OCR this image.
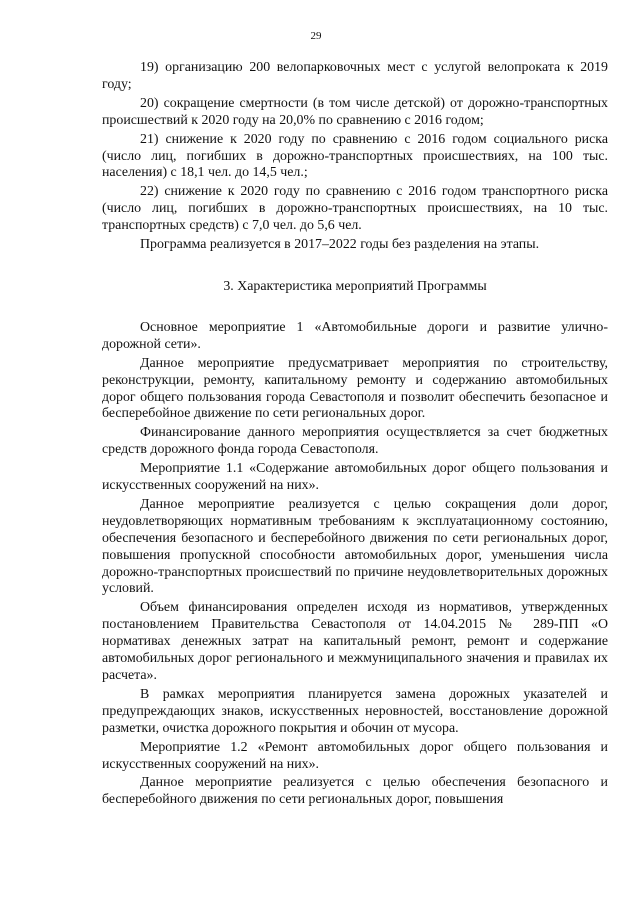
29

19) организацию 200 велопарковочных мест с услугой велопроката к 2019 году;

20) сокращение смертности (в том числе детской) от дорожно-транспортных происшествий к 2020 году на 20,0% по сравнению с 2016 годом;

21) снижение к 2020 году по сравнению с 2016 годом социального риска (число лиц, погибших в дорожно-транспортных происшествиях, на 100 тыс. населения) с 18,1 чел. до 14,5 чел.;

22) снижение к 2020 году по сравнению с 2016 годом транспортного риска (число лиц, погибших в дорожно-транспортных происшествиях, на 10 тыс. транспортных средств) с 7,0 чел. до 5,6 чел.

Программа реализуется в 2017–2022 годы без разделения на этапы.

3. Характеристика мероприятий Программы

Основное мероприятие 1 «Автомобильные дороги и развитие улично-дорожной сети».

Данное мероприятие предусматривает мероприятия по строительству, реконструкции, ремонту, капитальному ремонту и содержанию автомобильных дорог общего пользования города Севастополя и позволит обеспечить безопасное и бесперебойное движение по сети региональных дорог.

Финансирование данного мероприятия осуществляется за счет бюджетных средств дорожного фонда города Севастополя.

Мероприятие 1.1 «Содержание автомобильных дорог общего пользования и искусственных сооружений на них».

Данное мероприятие реализуется с целью сокращения доли дорог, неудовлетворяющих нормативным требованиям к эксплуатационному состоянию, обеспечения безопасного и бесперебойного движения по сети региональных дорог, повышения пропускной способности автомобильных дорог, уменьшения числа дорожно-транспортных происшествий по причине неудовлетворительных дорожных условий.

Объем финансирования определен исходя из нормативов, утвержденных постановлением Правительства Севастополя от 14.04.2015 № 289-ПП «О нормативах денежных затрат на капитальный ремонт, ремонт и содержание автомобильных дорог регионального и межмуниципального значения и правилах их расчета».

В рамках мероприятия планируется замена дорожных указателей и предупреждающих знаков, искусственных неровностей, восстановление дорожной разметки, очистка дорожного покрытия и обочин от мусора.

Мероприятие 1.2 «Ремонт автомобильных дорог общего пользования и искусственных сооружений на них».

Данное мероприятие реализуется с целью обеспечения безопасного и бесперебойного движения по сети региональных дорог, повышения
